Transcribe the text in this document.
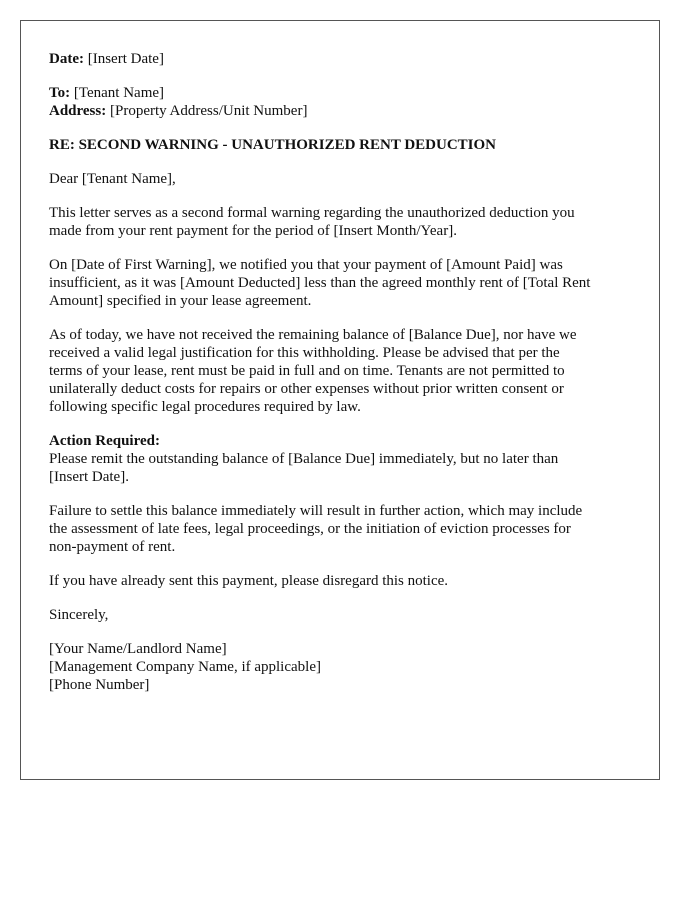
Date: [Insert Date]
To: [Tenant Name]
Address: [Property Address/Unit Number]
RE: SECOND WARNING - UNAUTHORIZED RENT DEDUCTION

Dear [Tenant Name],

This letter serves as a second formal warning regarding the unauthorized deduction you
made from your rent payment for the period of [Insert Month/Year].

On [Date of First Warning], we notified you that your payment of [Amount Paid] was
insufficient, as it was [Amount Deducted] less than the agreed monthly rent of [Total Rent
Amount] specified in your lease agreement.

As of today, we have not received the remaining balance of [Balance Due], nor have we
received a valid legal justification for this withholding. Please be advised that per the
terms of your lease, rent must be paid in full and on time. Tenants are not permitted to
unilaterally deduct costs for repairs or other expenses without prior written consent or
following specific legal procedures required by law.

Action Required:
Please remit the outstanding balance of [Balance Due] immediately, but no later than
[Insert Date].

Failure to settle this balance immediately will result in further action, which may include
the assessment of late fees, legal proceedings, or the initiation of eviction processes for
non-payment of rent.

If you have already sent this payment, please disregard this notice.

Sincerely,

[Your Name/Landlord Name]
[Management Company Name, if applicable]
[Phone Number]
